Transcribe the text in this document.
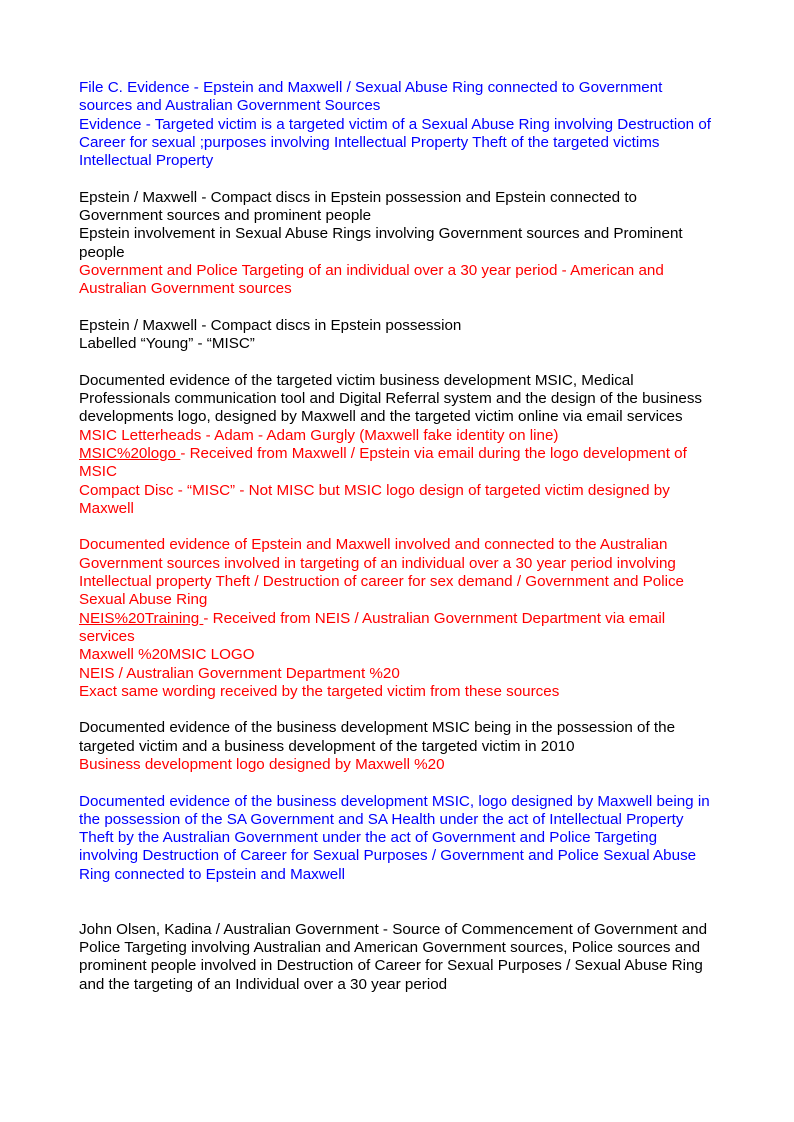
File C. Evidence - Epstein and Maxwell / Sexual Abuse Ring connected to Government sources and Australian Government Sources
Evidence - Targeted victim is a targeted victim of a Sexual Abuse Ring involving Destruction of Career for sexual ;purposes involving Intellectual Property Theft of the targeted victims Intellectual Property
Epstein / Maxwell - Compact discs in Epstein possession and Epstein connected to Government sources and prominent people
Epstein involvement in Sexual Abuse Rings involving Government sources and Prominent people
Government and Police Targeting of an individual over a 30 year period - American and Australian Government sources
Epstein / Maxwell - Compact discs in Epstein possession
Labelled “Young” - “MISC”
Documented evidence of the targeted victim business development MSIC, Medical Professionals communication tool and Digital Referral system and the design of the business developments logo, designed by Maxwell and the targeted victim online via email services
MSIC Letterheads - Adam - Adam Gurgly (Maxwell fake identity on line)
MSIC%20logo - Received from Maxwell / Epstein via email during the logo development of MSIC
Compact Disc - “MISC” - Not MISC but MSIC logo design of targeted victim designed by Maxwell
Documented evidence of Epstein and Maxwell involved and connected to the Australian Government sources involved in targeting of an individual over a 30 year period involving Intellectual property Theft / Destruction of career for sex demand / Government and Police Sexual Abuse Ring
NEIS%20Training - Received from NEIS / Australian Government Department via email services
Maxwell %20MSIC LOGO
NEIS / Australian Government Department %20
Exact same wording received by the targeted victim from these sources
Documented evidence of the business development MSIC being in the possession of the targeted victim and a business development of the targeted victim in 2010
Business development logo designed by Maxwell %20
Documented evidence of the business development MSIC, logo designed by Maxwell being in the possession of the SA Government and SA Health under the act of Intellectual Property Theft by the Australian Government under the act of Government and Police Targeting involving Destruction of Career for Sexual Purposes / Government and Police Sexual Abuse Ring connected to Epstein and Maxwell
John Olsen, Kadina / Australian Government - Source of Commencement of Government and Police Targeting involving Australian and American Government sources, Police sources and prominent people involved in Destruction of Career for Sexual Purposes / Sexual Abuse Ring and the targeting of an Individual over a 30 year period
